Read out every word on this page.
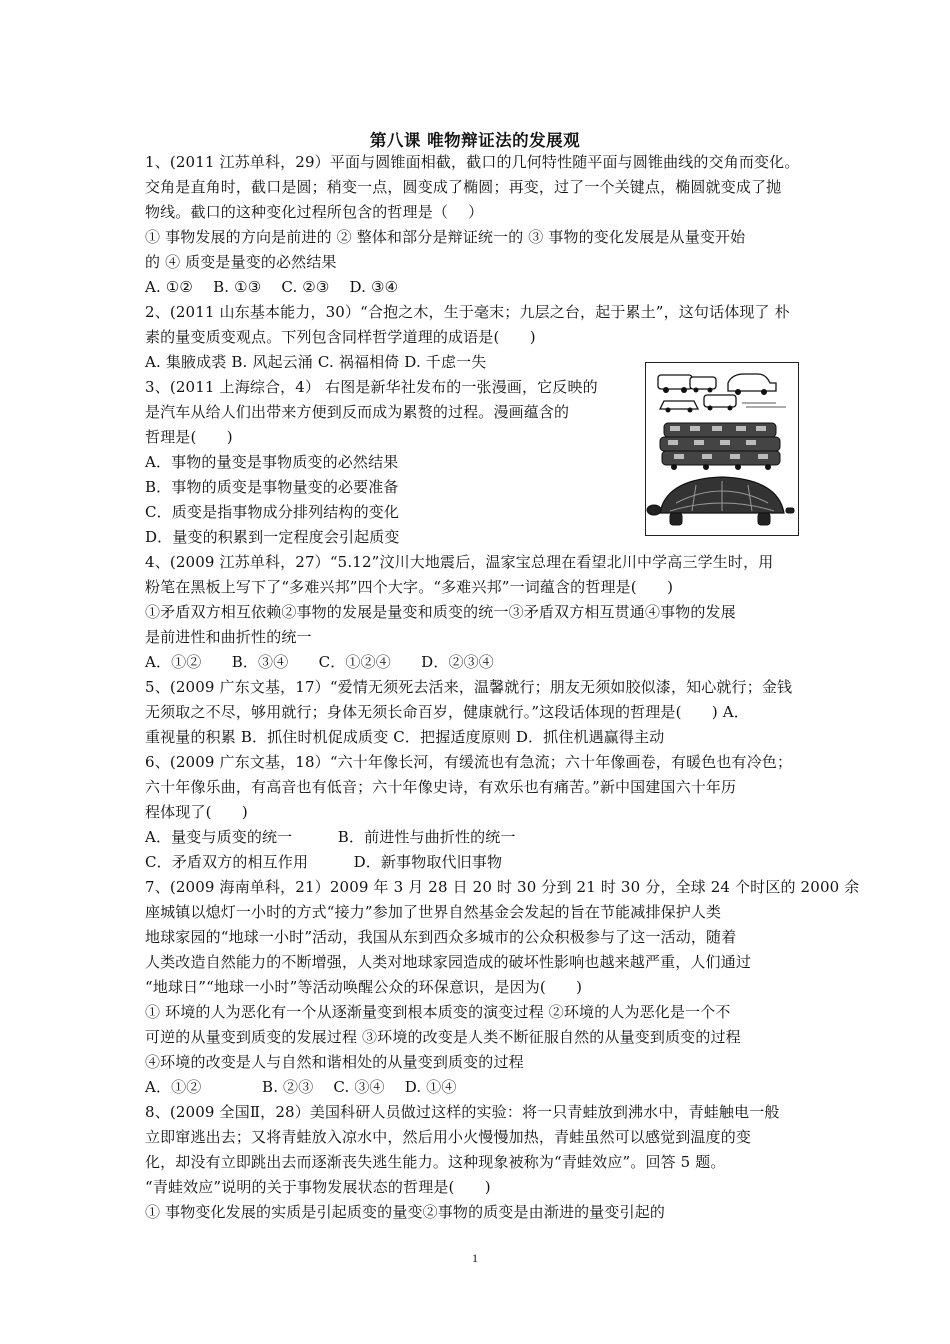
第八课 唯物辩证法的发展观
1、(2011 江苏单科，29）平面与圆锥面相截，截口的几何特性随平面与圆锥曲线的交角而变化。
交角是直角时，截口是圆；稍变一点，圆变成了椭圆；再变，过了一个关键点，椭圆就变成了抛
物线。截口的这种变化过程所包含的哲理是（　 ）
① 事物发展的方向是前进的 ② 整体和部分是辩证统一的 ③ 事物的变化发展是从量变开始
的 ④ 质变是量变的必然结果
A. ①②　 B. ①③　 C. ②③　 D. ③④
2、(2011 山东基本能力，30）“合抱之木，生于毫末；九层之台，起于累土”，这句话体现了 朴
素的量变质变观点。下列包含同样哲学道理的成语是(　　)
A. 集腋成裘 B. 风起云涌 C. 祸福相倚 D. 千虑一失
3、(2011 上海综合，4） 右图是新华社发布的一张漫画，它反映的
是汽车从给人们出带来方便到反而成为累赘的过程。漫画蕴含的
哲理是(　　)
A．事物的量变是事物质变的必然结果
B．事物的质变是事物量变的必要准备
C．质变是指事物成分排列结构的变化
D．量变的积累到一定程度会引起质变
4、(2009 江苏单科，27）“5.12”汶川大地震后，温家宝总理在看望北川中学高三学生时，用
粉笔在黑板上写下了“多难兴邦”四个大字。“多难兴邦”一词蕴含的哲理是(　　)
①矛盾双方相互依赖②事物的发展是量变和质变的统一③矛盾双方相互贯通④事物的发展
是前进性和曲折性的统一
A．①②　　B．③④　　C．①②④　　D．②③④
5、(2009 广东文基，17）“爱情无须死去活来，温馨就行；朋友无须如胶似漆，知心就行；金钱
无须取之不尽，够用就行；身体无须长命百岁，健康就行。”这段话体现的哲理是(　　) A．
重视量的积累 B．抓住时机促成质变 C．把握适度原则 D．抓住机遇赢得主动
6、(2009 广东文基，18）“六十年像长河，有缓流也有急流；六十年像画卷，有暖色也有冷色；
六十年像乐曲，有高音也有低音；六十年像史诗，有欢乐也有痛苦。”新中国建国六十年历
程体现了(　　)
A．量变与质变的统一　　　B．前进性与曲折性的统一
C．矛盾双方的相互作用　　　D．新事物取代旧事物
7、(2009 海南单科，21）2009 年 3 月 28 日 20 时 30 分到 21 时 30 分，全球 24 个时区的 2000 余
座城镇以熄灯一小时的方式“接力”参加了世界自然基金会发起的旨在节能减排保护人类
地球家园的“地球一小时”活动，我国从东到西众多城市的公众积极参与了这一活动，随着
人类改造自然能力的不断增强，人类对地球家园造成的破坏性影响也越来越严重，人们通过
“地球日”“地球一小时”等活动唤醒公众的环保意识，是因为(　　)
① 环境的人为恶化有一个从逐渐量变到根本质变的演变过程 ②环境的人为恶化是一个不
可逆的从量变到质变的发展过程 ③环境的改变是人类不断征服自然的从量变到质变的过程
④环境的改变是人与自然和谐相处的从量变到质变的过程
A．①②　　　　B. ②③　 C. ③④　 D. ①④
8、(2009 全国Ⅱ，28）美国科研人员做过这样的实验：将一只青蛙放到沸水中，青蛙触电一般
立即窜逃出去；又将青蛙放入凉水中，然后用小火慢慢加热，青蛙虽然可以感觉到温度的变
化，却没有立即跳出去而逐渐丧失逃生能力。这种现象被称为“青蛙效应”。回答 5 题。
“青蛙效应”说明的关于事物发展状态的哲理是(　　)
① 事物变化发展的实质是引起质变的量变②事物的质变是由渐进的量变引起的
1
